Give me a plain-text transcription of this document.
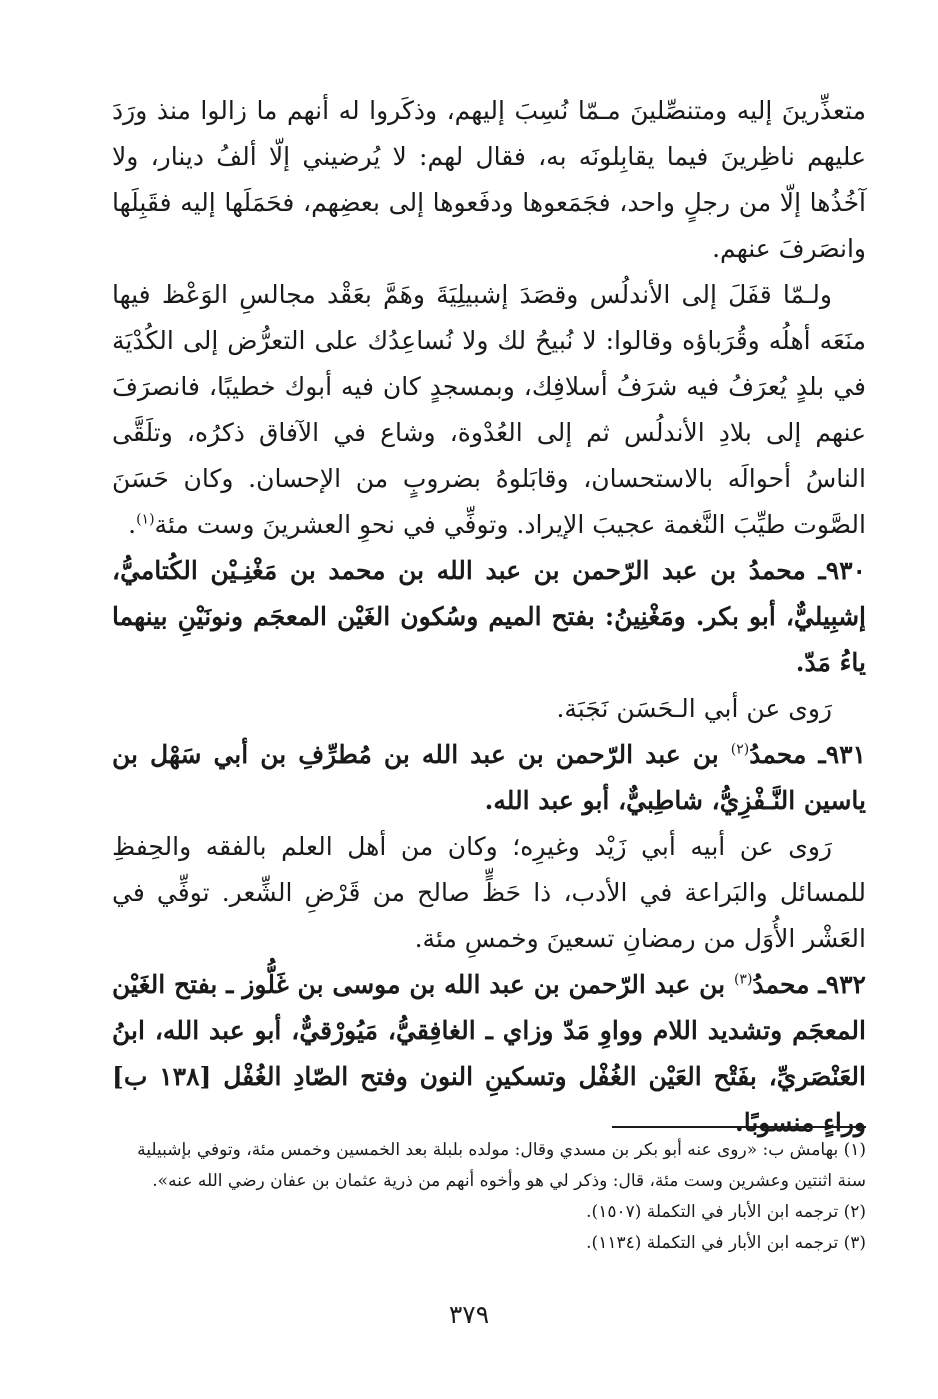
متعذِّرينَ إليه ومتنصِّلينَ مـمّا نُسِبَ إليهم، وذكَروا له أنهم ما زالوا منذ ورَدَ عليهم ناظِرينَ فيما يقابِلونَه به، فقال لهم: لا يُرضيني إلّا ألفُ دينار، ولا آخُذُها إلّا من رجلٍ واحد، فجَمَعوها ودفَعوها إلى بعضِهم، فحَمَلَها إليه فقَبِلَها وانصَرفَ عنهم.

ولـمّا قفَلَ إلى الأندلُس وقصَدَ إشبيلِيَةَ وهَمَّ بعَقْد مجالسِ الوَعْظ فيها منَعَه أهلُه وقُرَباؤه وقالوا: لا نُبيحُ لك ولا نُساعِدُك على التعرُّض إلى الكُدْيَة في بلدٍ يُعرَفُ فيه شرَفُ أسلافِك، وبمسجدٍ كان فيه أبوك خطيبًا، فانصرَفَ عنهم إلى بلادِ الأندلُس ثم إلى العُدْوة، وشاع في الآفاق ذكرُه، وتلَقَّى الناسُ أحوالَه بالاستحسان، وقابَلوهُ بضروبٍ من الإحسان. وكان حَسَنَ الصَّوت طيِّبَ النَّغمة عجيبَ الإيراد. وتوفِّي في نحوِ العشرينَ وست مئة$^{(١)}$.

٩٣٠ـ محمدُ بن عبد الرّحمن بن عبد الله بن محمد بن مَغْنِـيْن الكُتاميُّ، إشبِيليٌّ، أبو بكر. ومَغْنِينُ: بفتح الميم وسُكون الغَيْن المعجَم ونونَيْنِ بينهما ياءُ مَدّ.

رَوى عن أبي الـحَسَن نَجَبَة.

٩٣١ـ محمدُ$^{(٢)}$ بن عبد الرّحمن بن عبد الله بن مُطرِّفِ بن أبي سَهْل بن ياسين النَّـفْزِيُّ، شاطِبيٌّ، أبو عبد الله.

رَوى عن أبيه أبي زَيْد وغيرِه؛ وكان من أهل العلم بالفقه والحِفظِ للمسائل والبَراعة في الأدب، ذا حَظٍّ صالح من قَرْضِ الشِّعر. توفِّي في العَشْر الأُوَل من رمضانِ تسعينَ وخمسِ مئة.

٩٣٢ـ محمدُ$^{(٣)}$ بن عبد الرّحمن بن عبد الله بن موسى بن غَلُّوز ـ بفتح الغَيْن المعجَم وتشديد اللام وواوِ مَدّ وزاي ـ الغافِقيُّ، مَيُورْقيٌّ، أبو عبد الله، ابنُ العَنْصَريِّ، بفَتْح العَيْن الغُفْل وتسكينِ النون وفتح الصّادِ الغُفْل [١٣٨ ب] وراءٍ منسوبًا.

(١) بهامش ب: «روى عنه أبو بكر بن مسدي وقال: مولده بلبلة بعد الخمسين وخمس مئة، وتوفي بإشبيلية

سنة اثنتين وعشرين وست مئة، قال: وذكر لي هو وأخوه أنهم من ذرية عثمان بن عفان رضي الله عنه».

(٢) ترجمه ابن الأبار في التكملة (١٥٠٧).

(٣) ترجمه ابن الأبار في التكملة (١١٣٤).

٣٧٩
